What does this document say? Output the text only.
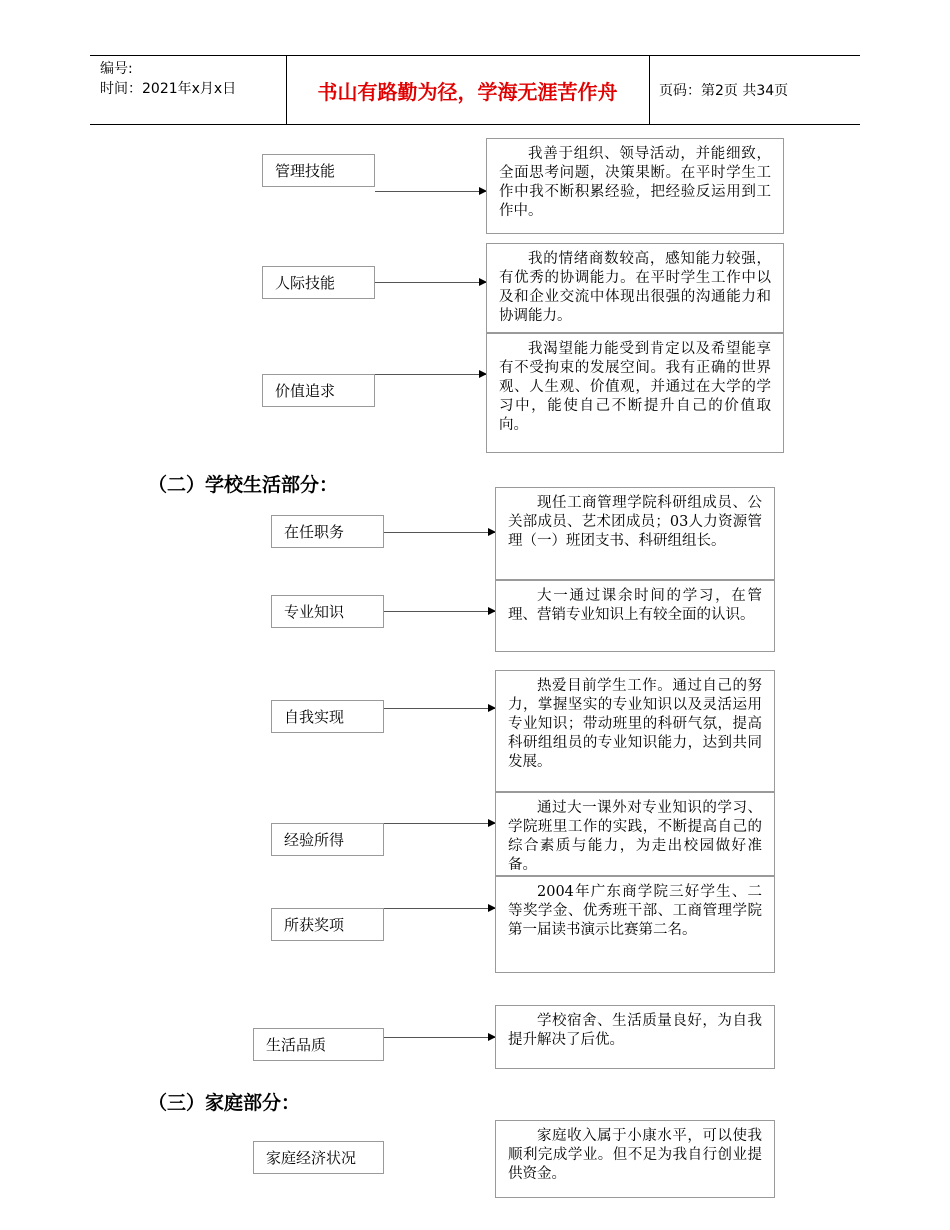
编号:
时间：2021年x月x日	书山有路勤为径，学海无涯苦作舟	页码：第2页 共34页
管理技能
我善于组织、领导活动，并能细致，全面思考问题，决策果断。在平时学生工作中我不断积累经验，把经验反运用到工作中。
人际技能
我的情绪商数较高，感知能力较强，有优秀的协调能力。在平时学生工作中以及和企业交流中体现出很强的沟通能力和协调能力。
价值追求
我渴望能力能受到肯定以及希望能享有不受拘束的发展空间。我有正确的世界观、人生观、价值观，并通过在大学的学习中，能使自己不断提升自己的价值取向。
（二）学校生活部分：
在任职务
现任工商管理学院科研组成员、公关部成员、艺术团成员；03人力资源管理（一）班团支书、科研组组长。
专业知识
大一通过课余时间的学习，在管理、营销专业知识上有较全面的认识。
自我实现
热爱目前学生工作。通过自己的努力，掌握坚实的专业知识以及灵活运用专业知识；带动班里的科研气氛，提高科研组组员的专业知识能力，达到共同发展。
经验所得
通过大一课外对专业知识的学习、学院班里工作的实践，不断提高自己的综合素质与能力，为走出校园做好准备。
所获奖项
2004年广东商学院三好学生、二等奖学金、优秀班干部、工商管理学院第一届读书演示比赛第二名。
生活品质
学校宿舍、生活质量良好，为自我提升解决了后优。
（三）家庭部分：
家庭经济状况
家庭收入属于小康水平，可以使我顺利完成学业。但不足为我自行创业提供资金。
